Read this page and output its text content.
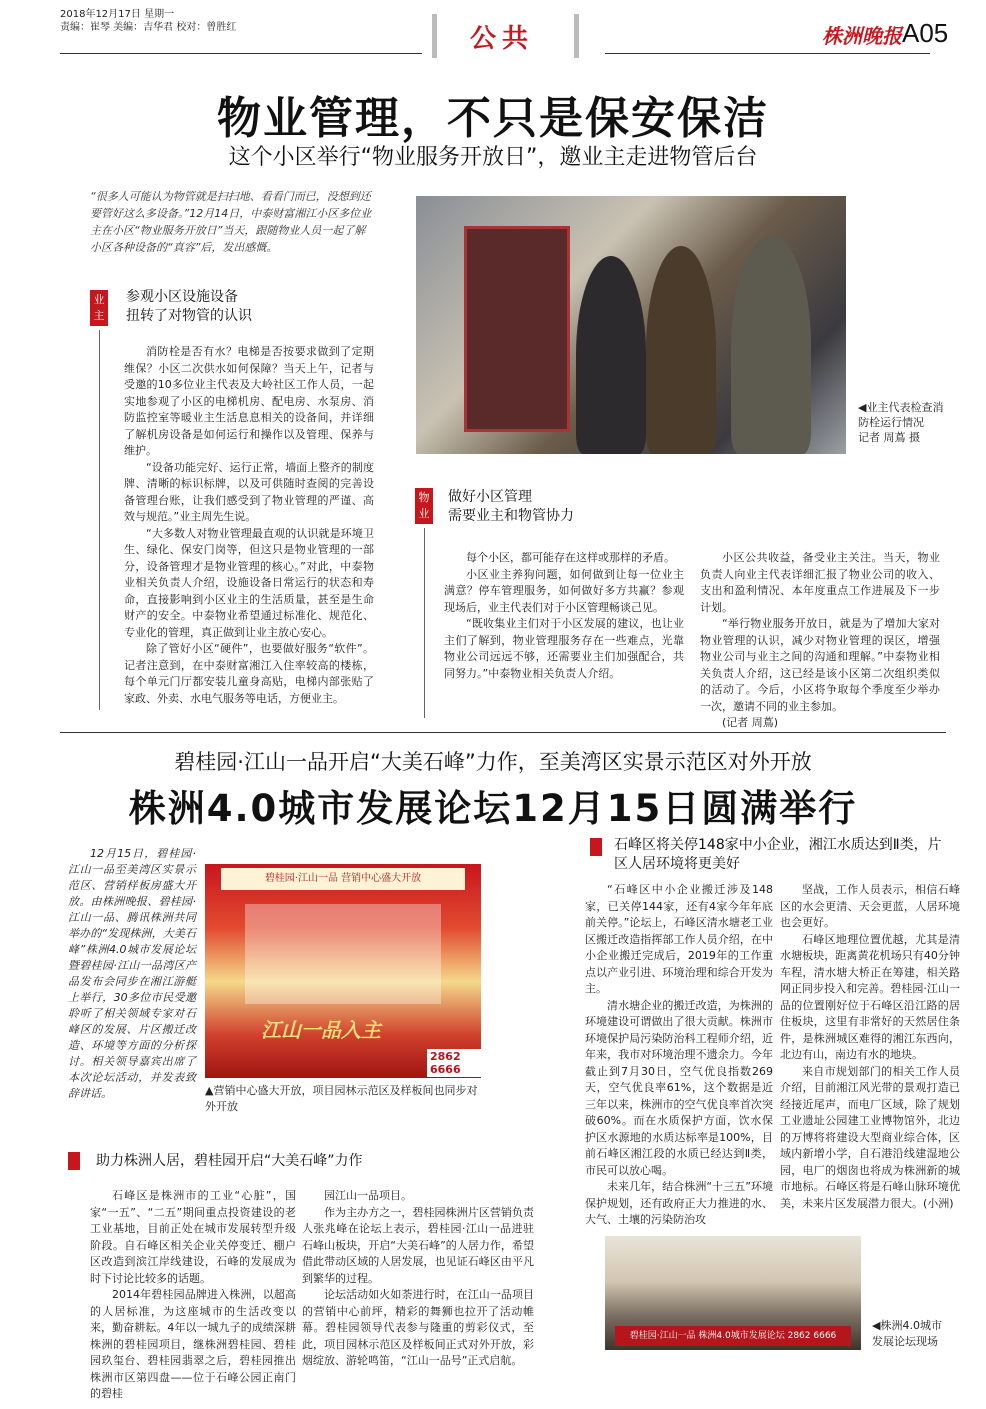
2018年12月17日 星期一
责编：崔琴 美编：吉华君 校对：曾胜红	公共	株洲晚报 A05
物业管理，不只是保安保洁
这个小区举行“物业服务开放日”，邀业主走进物管后台
“很多人可能认为物管就是扫扫地、看看门而已，没想到还要管好这么多设备。”12月14日，中泰财富湘江小区多位业主在小区“物业服务开放日”当天，跟随物业人员一起了解小区各种设备的“真容”后，发出感慨。
◀业主代表检查消防栓运行情况　记者 周蔦 摄
业主
参观小区设施设备
扭转了对物管的认识

消防栓是否有水？电梯是否按要求做到了定期维保？小区二次供水如何保障？当天上午，记者与受邀的10多位业主代表及大岭社区工作人员，一起实地参观了小区的电梯机房、配电房、水泵房、消防监控室等暖业主生活息息相关的设备间，并详细了解机房设备是如何运行和操作以及管理、保养与维护。

“设备功能完好、运行正常，墙面上整齐的制度牌、清晰的标识标牌，以及可供随时查阅的完善设备管理台账，让我们感受到了物业管理的严谨、高效与规范。”业主周先生说。

“大多数人对物业管理最直观的认识就是环境卫生、绿化、保安门岗等，但这只是物业管理的一部分，设备管理才是物业管理的核心。”对此，中泰物业相关负责人介绍，设施设备日常运行的状态和寿命，直接影响到小区业主的生活质量，甚至是生命财产的安全。中泰物业希望通过标准化、规范化、专业化的管理，真正做到让业主放心安心。

除了管好小区“硬件”，也要做好服务“软件”。记者注意到，在中泰财富湘江入住率较高的楼栋，每个单元门厅都安装儿童身高贴，电梯内部张贴了家政、外卖、水电气服务等电话，方便业主。

物业
做好小区管理
需要业主和物管协力

每个小区，都可能存在这样或那样的矛盾。

小区业主养狗问题，如何做到让每一位业主满意？停车管理服务，如何做好多方共赢？参观现场后，业主代表们对于小区管理畅谈己见。

“既收集业主们对于小区发展的建议，也让业主们了解到，物业管理服务存在一些难点，光靠物业公司远远不够，还需要业主们加强配合，共同努力。”中泰物业相关负责人介绍。

小区公共收益，备受业主关注。当天，物业负责人向业主代表详细汇报了物业公司的收入、支出和盈利情况、本年度重点工作进展及下一步计划。

“举行物业服务开放日，就是为了增加大家对物业管理的认识，减少对物业管理的误区，增强物业公司与业主之间的沟通和理解。”中泰物业相关负责人介绍，这已经是该小区第二次组织类似的活动了。今后，小区将争取每个季度至少举办一次，邀请不同的业主参加。

(记者 周蔦)

碧桂园·江山一品开启“大美石峰”力作，至美湾区实景示范区对外开放
株洲4.0城市发展论坛12月15日圆满举行
12月15日，碧桂园·江山一品至美湾区实景示范区、营销样板房盛大开放。由株洲晚报、碧桂园·江山一品、腾讯株洲共同举办的“发现株洲，大美石峰”株洲4.0城市发展论坛暨碧桂园·江山一品湾区产品发布会同步在湘江游艇上举行，30多位市民受邀聆听了相关领域专家对石峰区的发展、片区搬迁改造、环境等方面的分析探讨。相关领导嘉宾出席了本次论坛活动，并发表致辞讲话。
碧桂园·江山一品 营销中心盛大开放
江山一品入主
2862 6666
▲营销中心盛大开放，项目园林示范区及样板间也同步对外开放
助力株洲人居，碧桂园开启“大美石峰”力作

石峰区是株洲市的工业“心脏”，国家“一五”、“二五”期间重点投资建设的老工业基地，目前正处在城市发展转型升级阶段。自石峰区相关企业关停变迁、棚户区改造到滨江岸线建设，石峰的发展成为时下讨论比较多的话题。

2014年碧桂园品牌进入株洲，以超高的人居标准，为这座城市的生活改变以来，勤奋耕耘。4年以一城九子的成绩深耕株洲的碧桂园项目，继株洲碧桂园、碧桂园玖玺台、碧桂园翡翠之后，碧桂园推出株洲市区第四盘——位于石峰公园正南门的碧桂

园江山一品项目。

作为主办方之一，碧桂园株洲片区营销负责人张兆峰在论坛上表示，碧桂园·江山一品进驻石峰山板块，开启“大美石峰”的人居力作，希望借此带动区域的人居发展，也见证石峰区由平凡到繁华的过程。

论坛活动如火如荼进行时，在江山一品项目的营销中心前坪，精彩的舞狮也拉开了活动帷幕。碧桂园领导代表参与隆重的剪彩仪式，至此，项目园林示范区及样板间正式对外开放，彩烟绽放、游轮鸣笛，“江山一品号”正式启航。

石峰区将关停148家中小企业，湘江水质达到Ⅱ类，片区人居环境将更美好

“石峰区中小企业搬迁涉及148家，已关停144家，还有4家今年年底前关停。”论坛上，石峰区清水塘老工业区搬迁改造指挥部工作人员介绍，在中小企业搬迁完成后，2019年的工作重点以产业引进、环境治理和综合开发为主。

清水塘企业的搬迁改造，为株洲的环境建设可谓做出了很大贡献。株洲市环境保护局污染防治科工程师介绍，近年来，我市对环境治理不遗余力。今年截止到7月30日，空气优良指数269天，空气优良率61%，这个数据是近三年以来，株洲市的空气优良率首次突破60%。而在水质保护方面，饮水保护区水源地的水质达标率是100%，目前石峰区湘江段的水质已经达到Ⅱ类，市民可以放心喝。

未来几年，结合株洲“十三五”环境保护规划，还有政府正大力推进的水、大气、土壤的污染防治攻

坚战，工作人员表示，相信石峰区的水会更清、天会更蓝，人居环境也会更好。

石峰区地理位置优越，尤其是清水塘板块，距离黄花机场只有40分钟车程，清水塘大桥正在筹建，相关路网正同步投入和完善。碧桂园·江山一品的位置刚好位于石峰区沿江路的居住板块，这里有非常好的天然居住条件，是株洲城区难得的湘江东西向，北边有山，南边有水的地块。

来自市规划部门的相关工作人员介绍，目前湘江风光带的景观打造已经接近尾声，而电厂区域，除了规划工业遗址公园建工业博物馆外，北边的万博将将建设大型商业综合体，区域内新增小学，自石港沿线建湿地公园，电厂的烟囱也将成为株洲新的城市地标。石峰区将是石峰山脉环境优美，未来片区发展潜力很大。(小洲)

碧桂园·江山一品 株洲4.0城市发展论坛 2862 6666
◀株洲4.0城市发展论坛现场
